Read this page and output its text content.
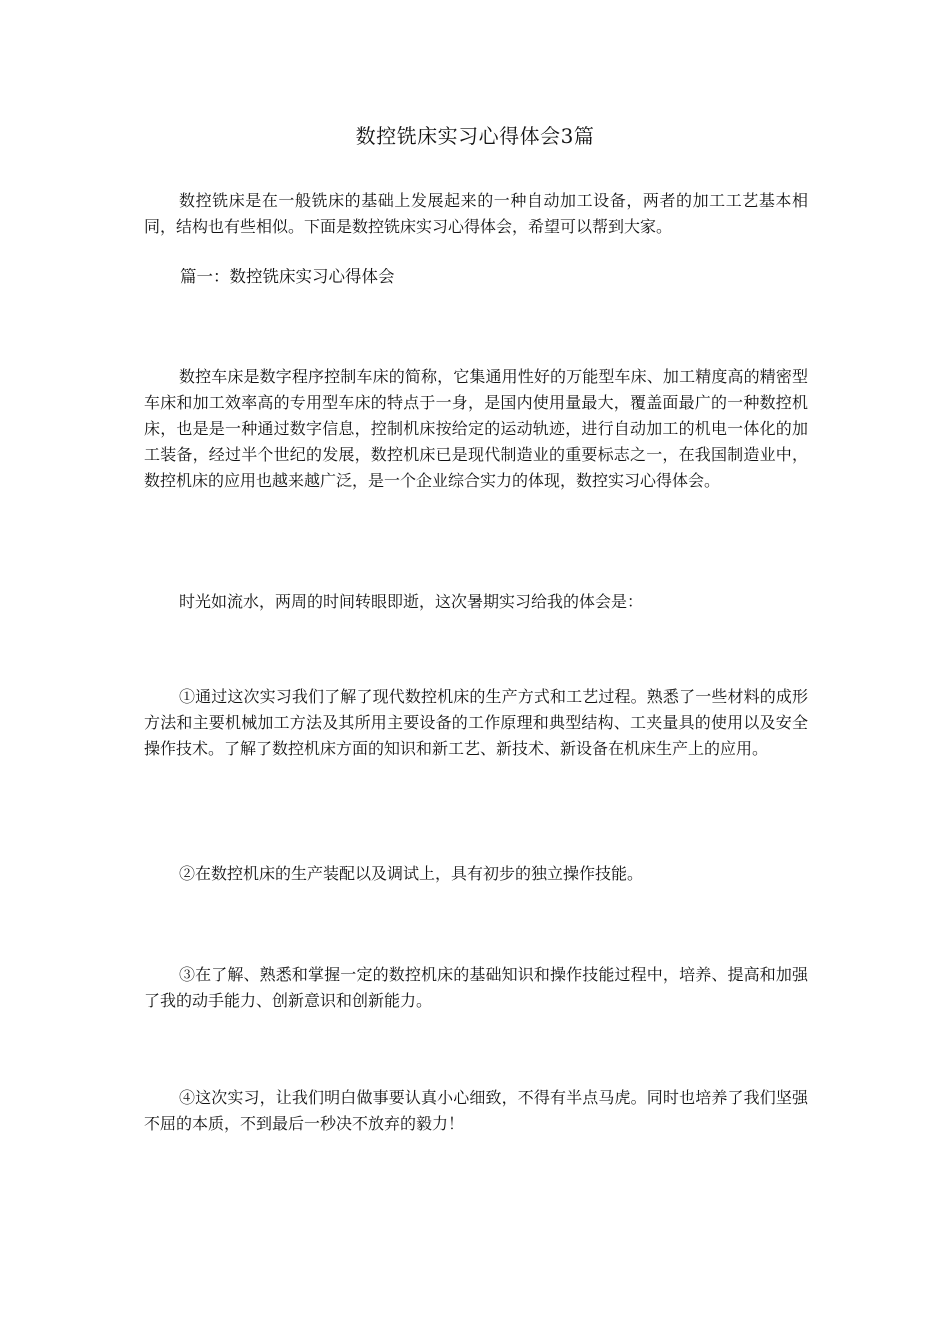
数控铣床实习心得体会3篇

数控铣床是在一般铣床的基础上发展起来的一种自动加工设备，两者的加工工艺基本相同，结构也有些相似。下面是数控铣床实习心得体会，希望可以帮到大家。

篇一：数控铣床实习心得体会

数控车床是数字程序控制车床的简称，它集通用性好的万能型车床、加工精度高的精密型车床和加工效率高的专用型车床的特点于一身，是国内使用量最大，覆盖面最广的一种数控机床，也是是一种通过数字信息，控制机床按给定的运动轨迹，进行自动加工的机电一体化的加工装备，经过半个世纪的发展，数控机床已是现代制造业的重要标志之一，在我国制造业中，数控机床的应用也越来越广泛，是一个企业综合实力的体现，数控实习心得体会。

时光如流水，两周的时间转眼即逝，这次暑期实习给我的体会是：

①通过这次实习我们了解了现代数控机床的生产方式和工艺过程。熟悉了一些材料的成形方法和主要机械加工方法及其所用主要设备的工作原理和典型结构、工夹量具的使用以及安全操作技术。了解了数控机床方面的知识和新工艺、新技术、新设备在机床生产上的应用。

②在数控机床的生产装配以及调试上，具有初步的独立操作技能。

③在了解、熟悉和掌握一定的数控机床的基础知识和操作技能过程中，培养、提高和加强了我的动手能力、创新意识和创新能力。

④这次实习，让我们明白做事要认真小心细致，不得有半点马虎。同时也培养了我们坚强不屈的本质，不到最后一秒决不放弃的毅力！
